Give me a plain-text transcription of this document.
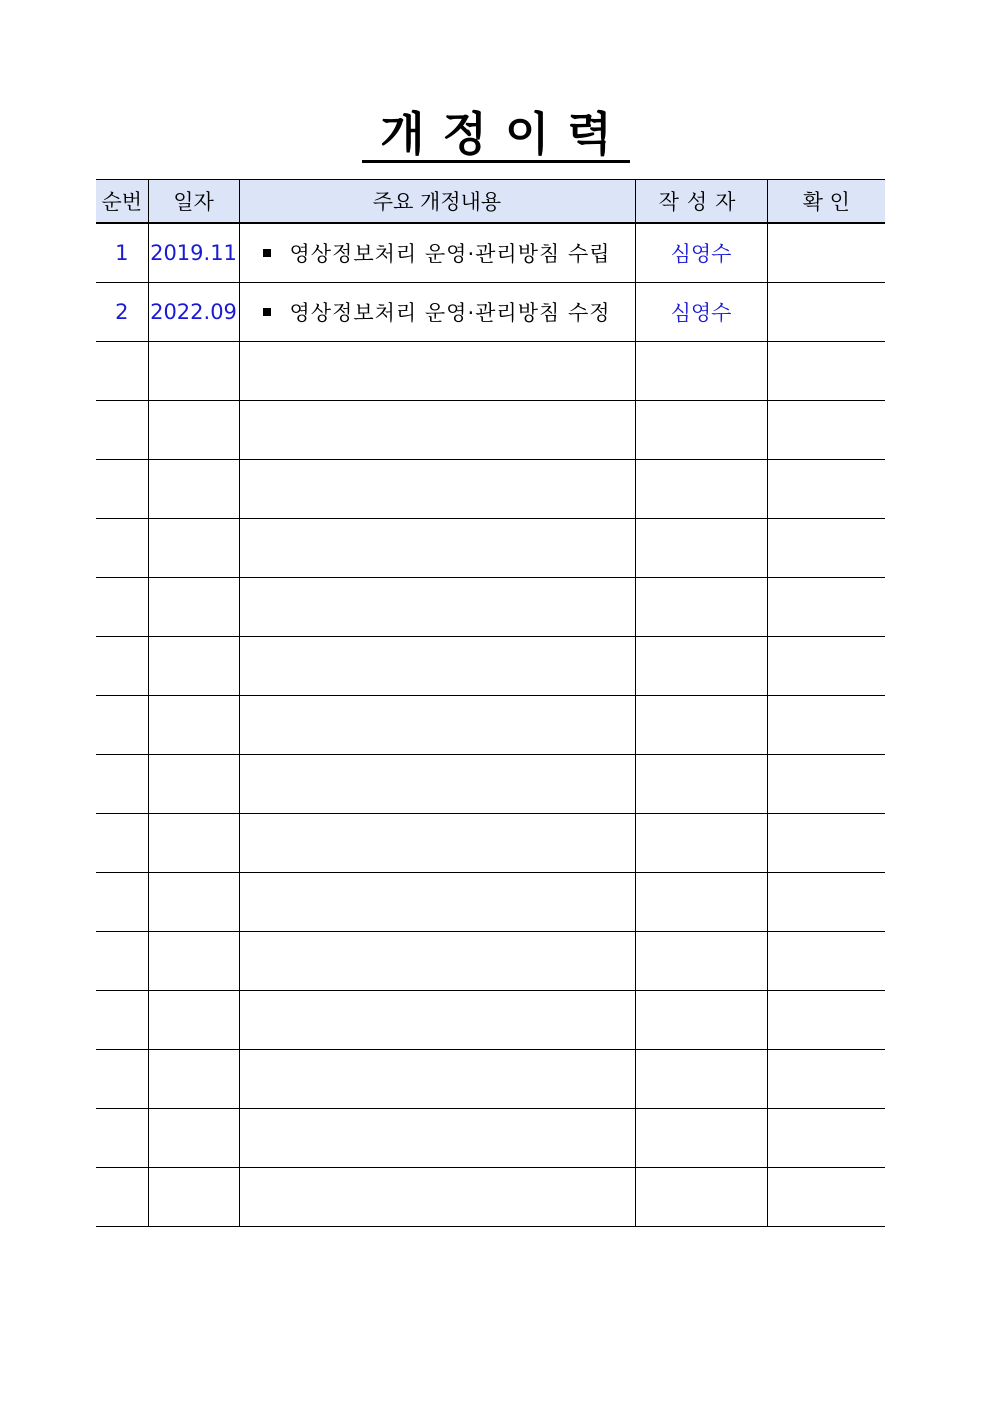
개정이력
순번	일자	주요 개정내용	작성자	확 인
1	2019.11	영상정보처리 운영·관리방침 수립	심영수	
2	2022.09	영상정보처리 운영·관리방침 수정	심영수	
